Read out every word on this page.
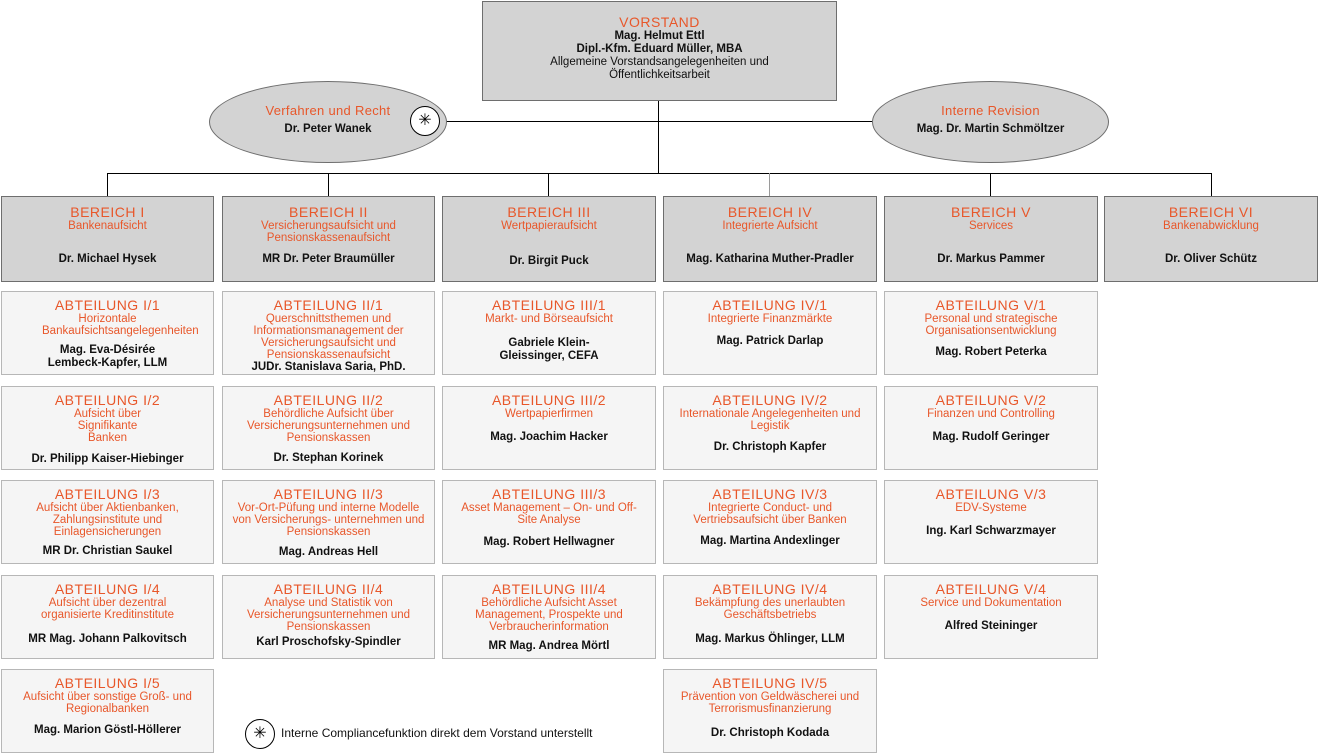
VORSTAND
Mag. Helmut Ettl
Dipl.-Kfm. Eduard Müller, MBA
Allgemeine Vorstandsangelegenheiten und Öffentlichkeitsarbeit
Verfahren und Recht
Dr. Peter Wanek	✳
Interne Revision
Mag. Dr. Martin Schmöltzer
BEREICH I
Bankenaufsicht
Dr. Michael Hysek
BEREICH II
Versicherungsaufsicht und Pensionskassenaufsicht
MR Dr. Peter Braumüller
BEREICH III
Wertpapieraufsicht
Dr. Birgit Puck
BEREICH IV
Integrierte Aufsicht
Mag. Katharina Muther-Pradler
BEREICH V
Services
Dr. Markus Pammer
BEREICH VI
Bankenabwicklung
Dr. Oliver Schütz
ABTEILUNG I/1
Horizontale Bankaufsichtsangelegenheiten
Mag. Eva-Désirée Lembeck-Kapfer, LLM
ABTEILUNG I/2
Aufsicht über Signifikante Banken
Dr. Philipp Kaiser-Hiebinger
ABTEILUNG I/3
Aufsicht über Aktienbanken, Zahlungsinstitute und Einlagensicherungen
MR Dr. Christian Saukel
ABTEILUNG I/4
Aufsicht über dezentral organisierte Kreditinstitute
MR Mag. Johann Palkovitsch
ABTEILUNG I/5
Aufsicht über sonstige Groß- und Regionalbanken
Mag. Marion Göstl-Höllerer
ABTEILUNG II/1
Querschnittsthemen und Informationsmanagement der Versicherungsaufsicht und Pensionskassenaufsicht
JUDr. Stanislava Saria, PhD.
ABTEILUNG II/2
Behördliche Aufsicht über Versicherungsunternehmen und Pensionskassen
Dr. Stephan Korinek
ABTEILUNG II/3
Vor-Ort-Püfung und interne Modelle von Versicherungs- unternehmen und Pensionskassen
Mag. Andreas Hell
ABTEILUNG II/4
Analyse und Statistik von Versicherungsunternehmen und Pensionskassen
Karl Proschofsky-Spindler
ABTEILUNG III/1
Markt- und Börseaufsicht
Gabriele Klein-Gleissinger, CEFA
ABTEILUNG III/2
Wertpapierfirmen
Mag. Joachim Hacker
ABTEILUNG III/3
Asset Management – On- und Off-Site Analyse
Mag. Robert Hellwagner
ABTEILUNG III/4
Behördliche Aufsicht Asset Management, Prospekte und Verbraucherinformation
MR Mag. Andrea Mörtl
ABTEILUNG IV/1
Integrierte Finanzmärkte
Mag. Patrick Darlap
ABTEILUNG IV/2
Internationale Angelegenheiten und Legistik
Dr. Christoph Kapfer
ABTEILUNG IV/3
Integrierte Conduct- und Vertriebsaufsicht über Banken
Mag. Martina Andexlinger
ABTEILUNG IV/4
Bekämpfung des unerlaubten Geschäftsbetriebs
Mag. Markus Öhlinger, LLM
ABTEILUNG IV/5
Prävention von Geldwäscherei und Terrorismusfinanzierung
Dr. Christoph Kodada
ABTEILUNG V/1
Personal und strategische Organisationsentwicklung
Mag. Robert Peterka
ABTEILUNG V/2
Finanzen und Controlling
Mag. Rudolf Geringer
ABTEILUNG V/3
EDV-Systeme
Ing. Karl Schwarzmayer
ABTEILUNG V/4
Service und Dokumentation
Alfred Steininger
✳	Interne Compliancefunktion direkt dem Vorstand unterstellt
